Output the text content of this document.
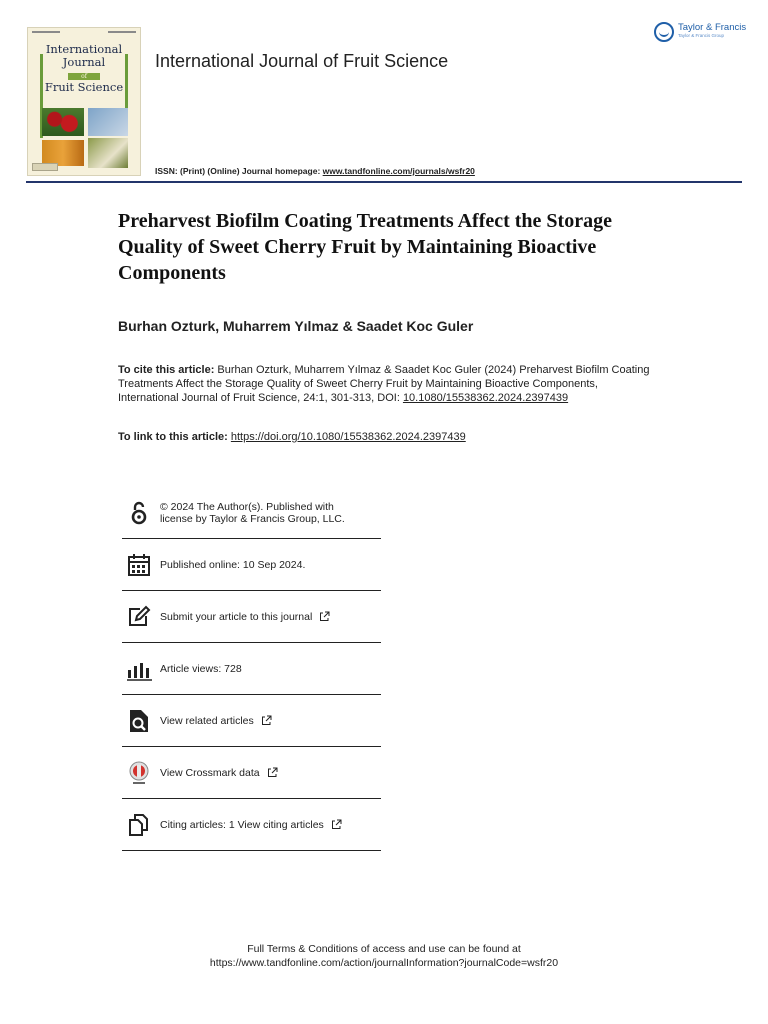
International
Journal
of
Fruit Science
International Journal of Fruit Science
Taylor & Francis
Taylor & Francis Group
ISSN: (Print) (Online) Journal homepage: www.tandfonline.com/journals/wsfr20
Preharvest Biofilm Coating Treatments Affect the Storage Quality of Sweet Cherry Fruit by Maintaining Bioactive Components
Burhan Ozturk, Muharrem Yılmaz & Saadet Koc Guler
To cite this article: Burhan Ozturk, Muharrem Yılmaz & Saadet Koc Guler (2024) Preharvest Biofilm Coating Treatments Affect the Storage Quality of Sweet Cherry Fruit by Maintaining Bioactive Components, International Journal of Fruit Science, 24:1, 301-313, DOI: 10.1080/15538362.2024.2397439
To link to this article: https://doi.org/10.1080/15538362.2024.2397439
© 2024 The Author(s). Published with
license by Taylor & Francis Group, LLC.
Published online: 10 Sep 2024.
Submit your article to this journal
Article views: 728
View related articles
View Crossmark data
Citing articles: 1 View citing articles
Full Terms & Conditions of access and use can be found at
https://www.tandfonline.com/action/journalInformation?journalCode=wsfr20
